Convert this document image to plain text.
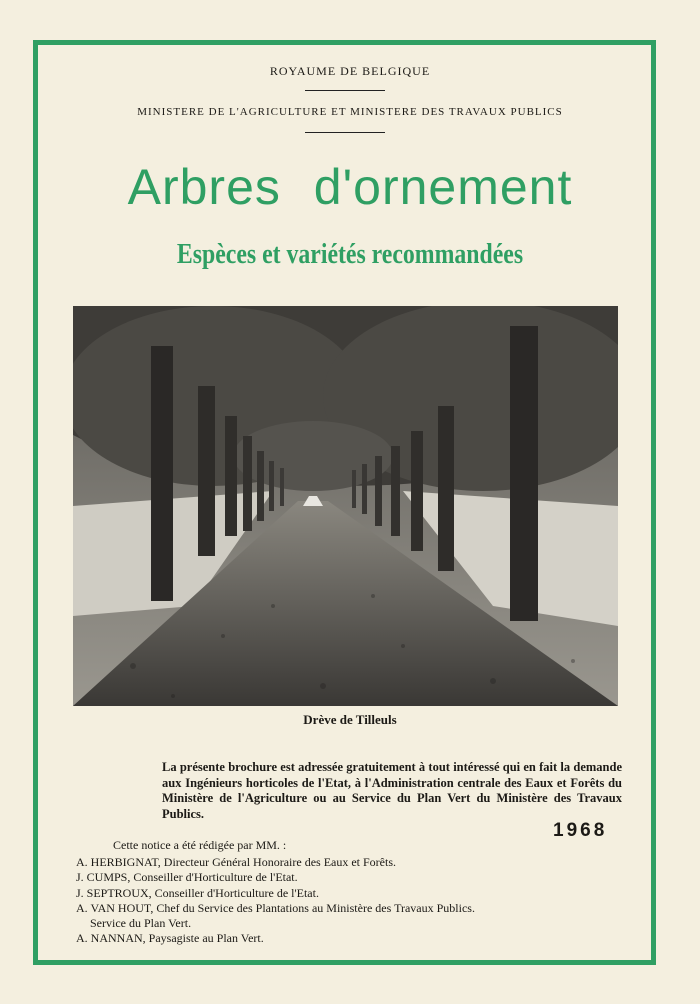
ROYAUME DE BELGIQUE
MINISTERE DE L'AGRICULTURE ET MINISTERE DES TRAVAUX PUBLICS
Arbres d'ornement
Espèces et variétés recommandées
Drève de Tilleuls
La présente brochure est adressée gratuitement à tout intéressé qui en fait la demande aux Ingénieurs horticoles de l'Etat, à l'Administration centrale des Eaux et Forêts du Ministère de l'Agriculture ou au Service du Plan Vert du Ministère des Travaux Publics.
1968
Cette notice a été rédigée par MM. :
A. HERBIGNAT, Directeur Général Honoraire des Eaux et Forêts.
J. CUMPS, Conseiller d'Horticulture de l'Etat.
J. SEPTROUX, Conseiller d'Horticulture de l'Etat.
A. VAN HOUT, Chef du Service des Plantations au Ministère des Travaux Publics.
Service du Plan Vert.
A. NANNAN, Paysagiste au Plan Vert.
